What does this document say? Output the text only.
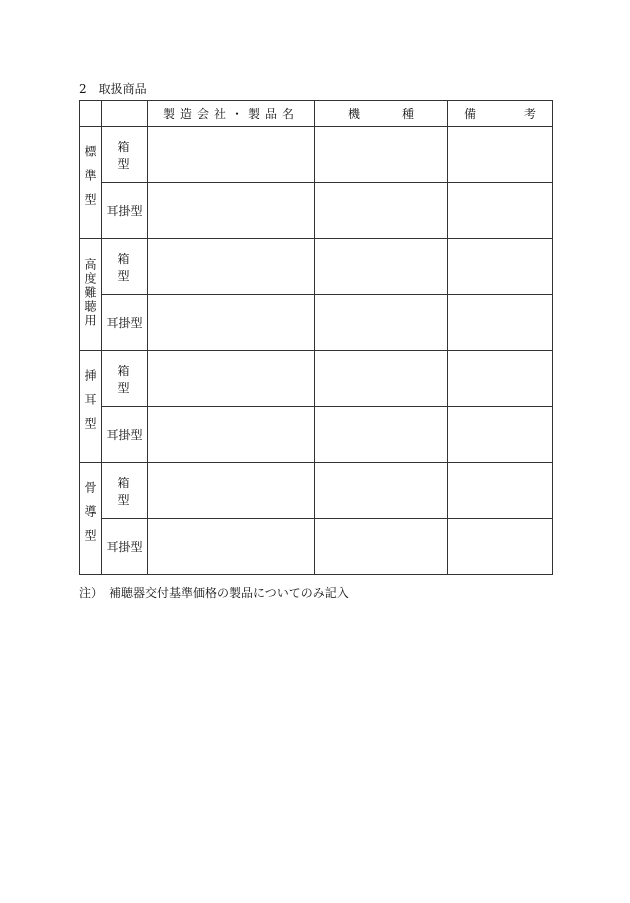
2　 取扱商品
		製造会社・製品名	機　種	備　考
標準型	箱型			
	耳掛型			
高度難聴用	箱型			
	耳掛型			
挿耳型	箱型			
	耳掛型			
骨導型	箱型			
	耳掛型			
注）　 補聴器交付基準価格の製品についてのみ記入
